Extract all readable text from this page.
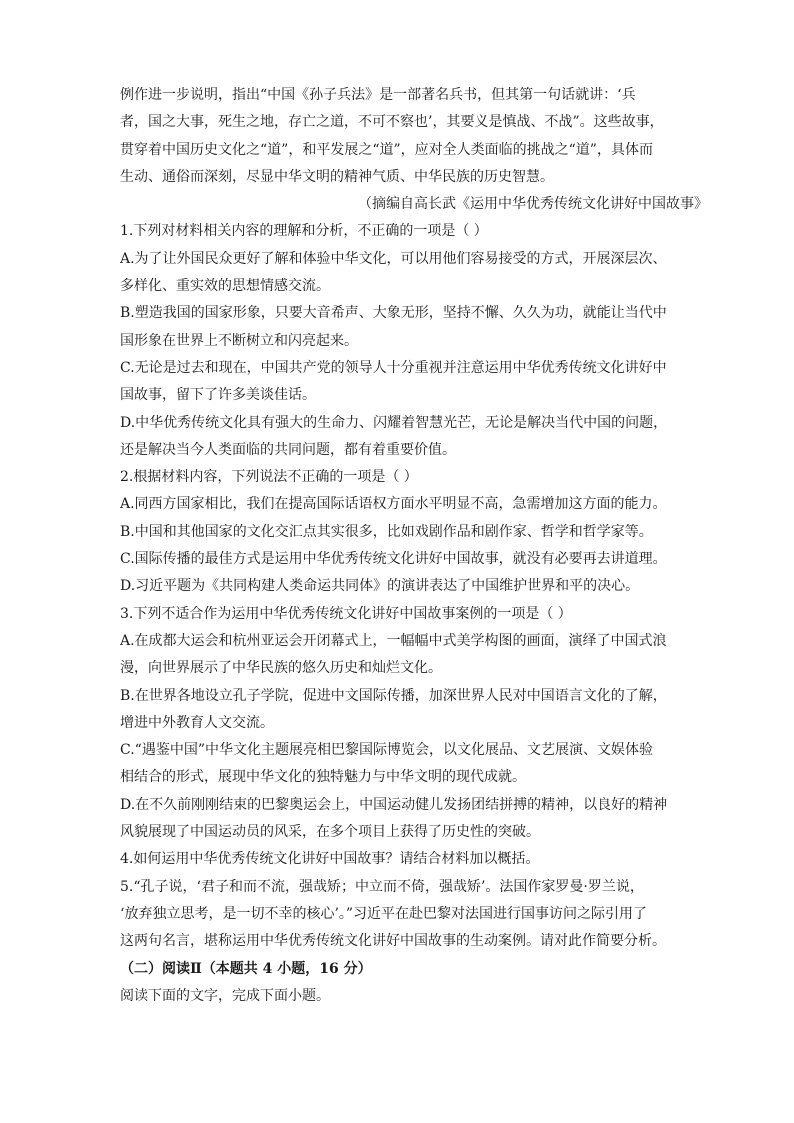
例作进一步说明，指出“中国《孙子兵法》是一部著名兵书，但其第一句话就讲：‘兵
者，国之大事，死生之地，存亡之道，不可不察也’，其要义是慎战、不战”。这些故事，
贯穿着中国历史文化之“道”，和平发展之“道”，应对全人类面临的挑战之“道”，具体而
生动、通俗而深刻，尽显中华文明的精神气质、中华民族的历史智慧。
（摘编自高长武《运用中华优秀传统文化讲好中国故事》
1.下列对材料相关内容的理解和分析，不正确的一项是（ ）
A.为了让外国民众更好了解和体验中华文化，可以用他们容易接受的方式，开展深层次、
多样化、重实效的思想情感交流。
B.塑造我国的国家形象，只要大音希声、大象无形，坚持不懈、久久为功，就能让当代中
国形象在世界上不断树立和闪亮起来。
C.无论是过去和现在，中国共产党的领导人十分重视并注意运用中华优秀传统文化讲好中
国故事，留下了许多美谈佳话。
D.中华优秀传统文化具有强大的生命力、闪耀着智慧光芒，无论是解决当代中国的问题，
还是解决当今人类面临的共同问题，都有着重要价值。
2.根据材料内容，下列说法不正确的一项是（ ）
A.同西方国家相比，我们在提高国际话语权方面水平明显不高，急需增加这方面的能力。
B.中国和其他国家的文化交汇点其实很多，比如戏剧作品和剧作家、哲学和哲学家等。
C.国际传播的最佳方式是运用中华优秀传统文化讲好中国故事，就没有必要再去讲道理。
D.习近平题为《共同构建人类命运共同体》的演讲表达了中国维护世界和平的决心。
3.下列不适合作为运用中华优秀传统文化讲好中国故事案例的一项是（ ）
A.在成都大运会和杭州亚运会开闭幕式上，一幅幅中式美学构图的画面，演绎了中国式浪
漫，向世界展示了中华民族的悠久历史和灿烂文化。
B.在世界各地设立孔子学院，促进中文国际传播，加深世界人民对中国语言文化的了解，
增进中外教育人文交流。
C.“遇鉴中国”中华文化主题展亮相巴黎国际博览会，以文化展品、文艺展演、文娱体验
相结合的形式，展现中华文化的独特魅力与中华文明的现代成就。
D.在不久前刚刚结束的巴黎奥运会上，中国运动健儿发扬团结拼搏的精神，以良好的精神
风貌展现了中国运动员的风采，在多个项目上获得了历史性的突破。
4.如何运用中华优秀传统文化讲好中国故事？请结合材料加以概括。
5.“孔子说，‘君子和而不流，强哉矫；中立而不倚，强哉矫’。法国作家罗曼·罗兰说，
‘放弃独立思考，是一切不幸的核心’。”习近平在赴巴黎对法国进行国事访问之际引用了
这两句名言，堪称运用中华优秀传统文化讲好中国故事的生动案例。请对此作简要分析。
（二）阅读Ⅱ（本题共 4 小题，16 分）
阅读下面的文字，完成下面小题。
